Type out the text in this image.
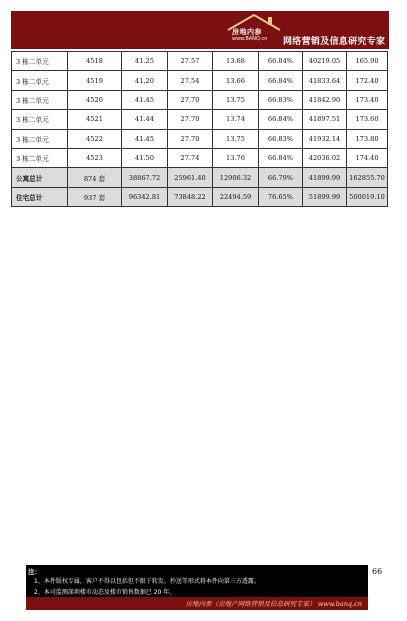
房地内参
www.BANQ.cn 网络营销及信息研究专家
3 栋二单元	4518	41.25	27.57	13.68	66.84%	40219.05	165.90
3 栋二单元	4519	41.20	27.54	13.66	66.84%	41833.64	172.40
3 栋二单元	4520	41.45	27.70	13.75	66.83%	41842.90	173.40
3 栋二单元	4521	41.44	27.70	13.74	66.84%	41897.51	173.60
3 栋二单元	4522	41.45	27.70	13.75	66.83%	41932.14	173.80
3 栋二单元	4523	41.50	27.74	13.76	66.84%	42036.02	174.40
公寓总计	874 套	38867.72	25961.40	12906.32	66.79%	41899.99	162855.70
住宅总计	937 套	96342.81	73848.22	22494.59	76.65%	51899.99	500019.10
注：
1、本件版权专属，客户不得以包括但不限于转发、抄送等形式将本件向第三方透露。
2、本司监测深圳楼市动态及楼市销售数据已 20 年。
房地内参（房地产网络营销及信息研究专家） www.banq.cn
66
